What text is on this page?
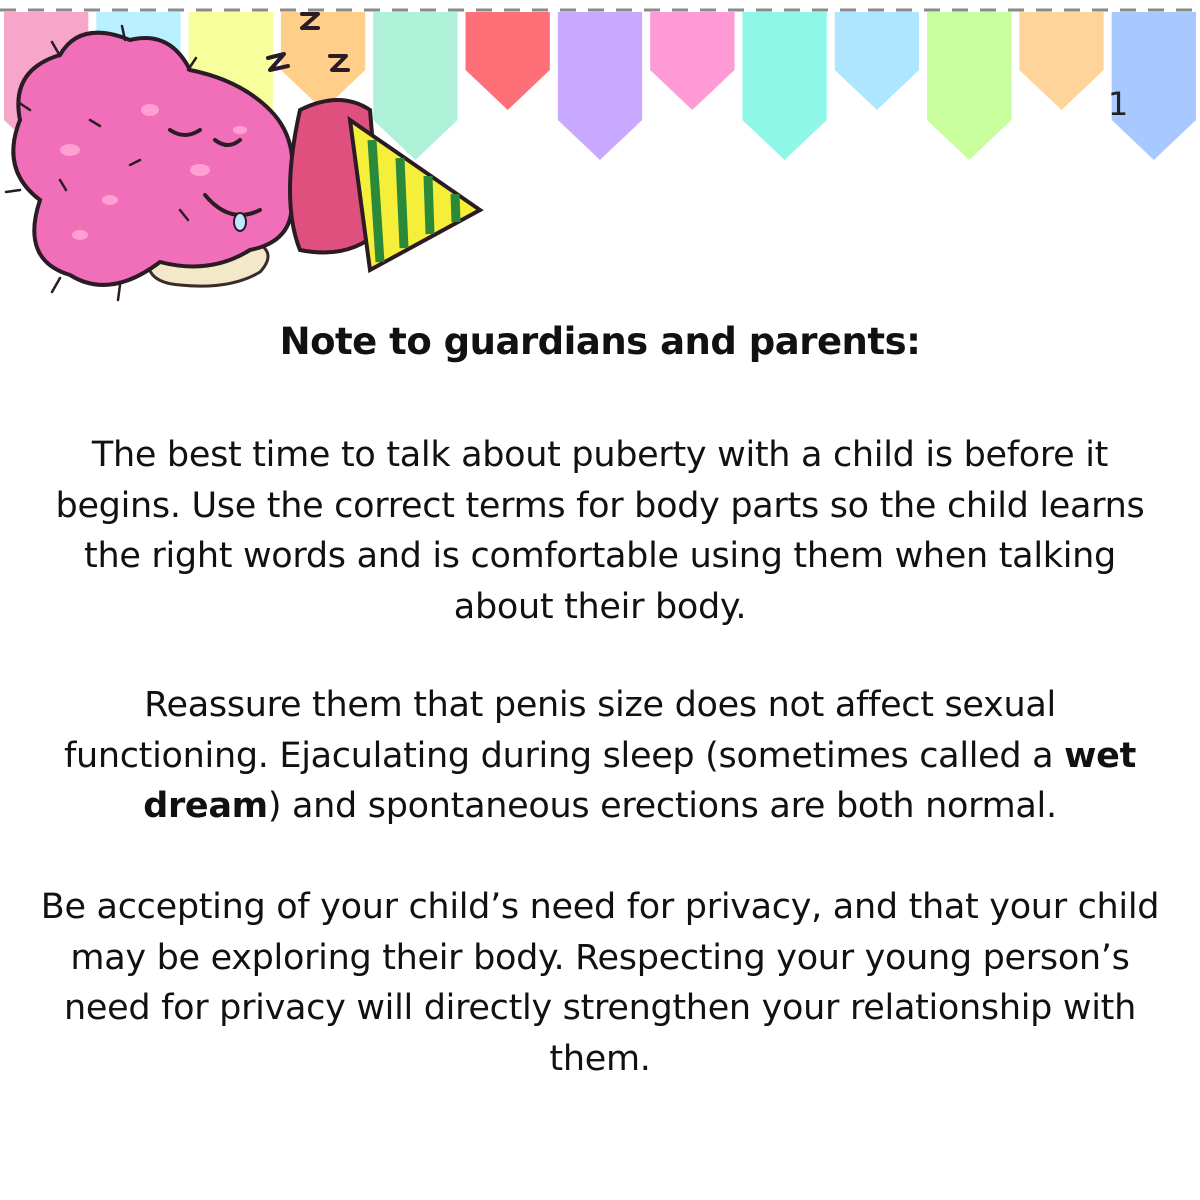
1
Note to guardians and parents:
The best time to talk about puberty with a child is before it begins. Use the correct terms for body parts so the child learns the right words and is comfortable using them when talking about their body.
Reassure them that penis size does not affect sexual functioning. Ejaculating during sleep (sometimes called a wet dream) and spontaneous erections are both normal.
Be accepting of your child’s need for privacy, and that your child may be exploring their body. Respecting your young person’s need for privacy will directly strengthen your relationship with them.
